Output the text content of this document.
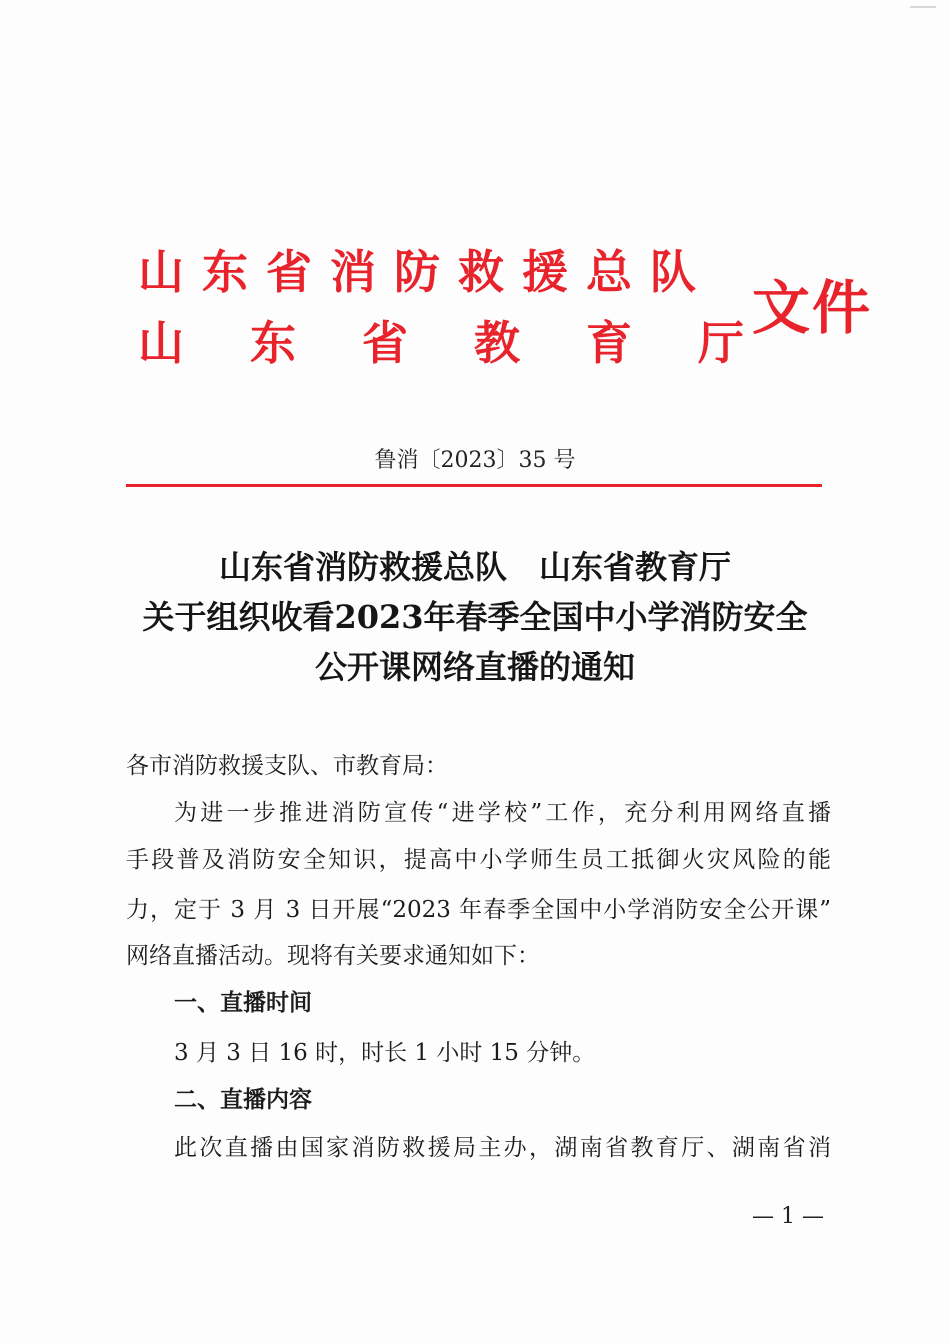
山东省消防救援总队
山东省教育厅
文件
鲁消〔2023〕35 号
山东省消防救援总队 山东省教育厅
关于组织收看2023年春季全国中小学消防安全
公开课网络直播的通知
各市消防救援支队、市教育局：
为进一步推进消防宣传“进学校”工作，充分利用网络直播
手段普及消防安全知识，提高中小学师生员工抵御火灾风险的能
力，定于 3 月 3 日开展“2023 年春季全国中小学消防安全公开课”
网络直播活动。现将有关要求通知如下：
一、直播时间
3 月 3 日 16 时，时长 1 小时 15 分钟。
二、直播内容
此次直播由国家消防救援局主办，湖南省教育厅、湖南省消
— 1 —
